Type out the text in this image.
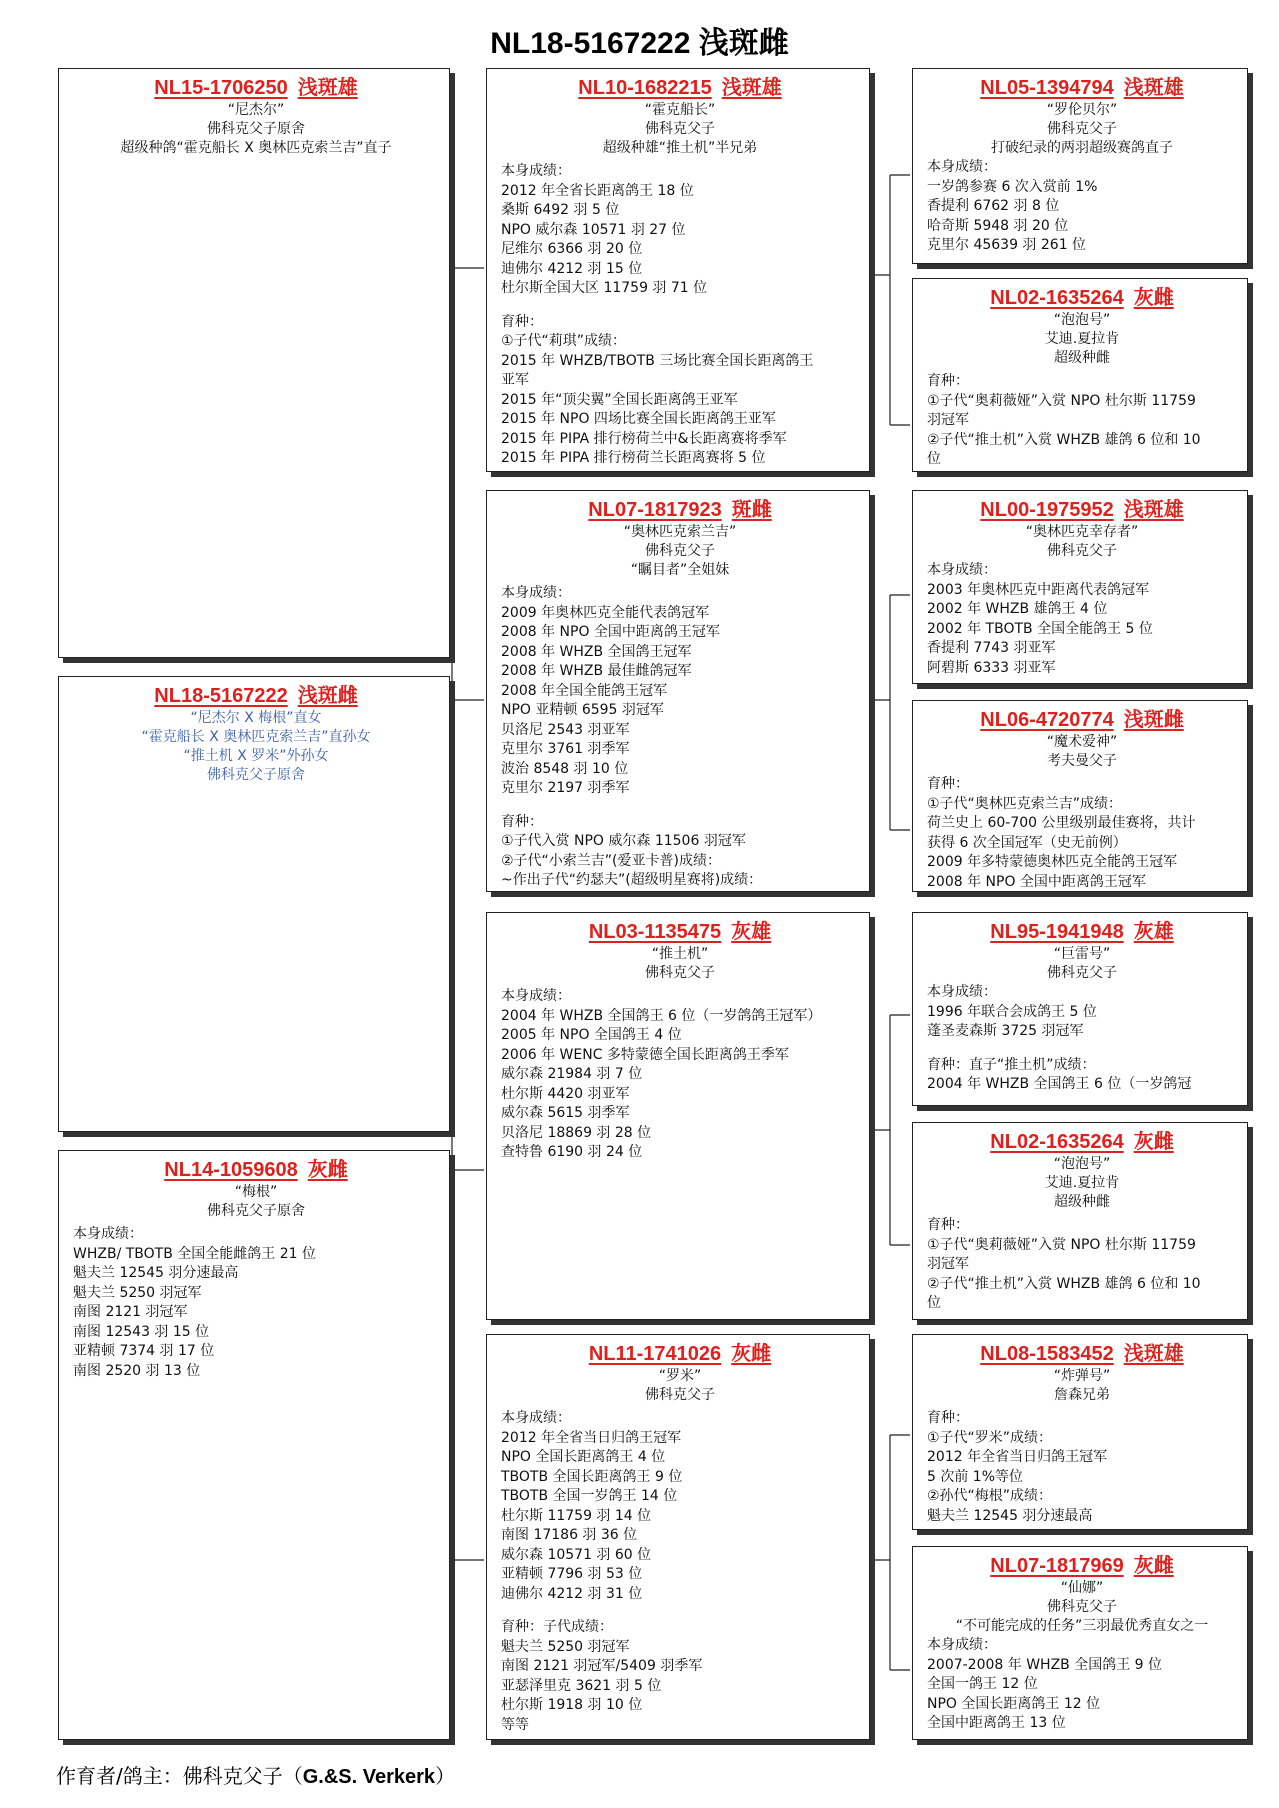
NL18-5167222 浅斑雌
NL15-1706250 浅斑雄
“尼杰尔”
佛科克父子原舍
超级种鸽“霍克船长 X 奥林匹克索兰吉”直子
NL18-5167222 浅斑雌
“尼杰尔 X 梅根”直女
“霍克船长 X 奥林匹克索兰吉”直孙女
“推土机 X 罗米”外孙女
佛科克父子原舍
NL14-1059608 灰雌
“梅根”
佛科克父子原舍
本身成绩：
WHZB/ TBOTB 全国全能雌鸽王 21 位
魁夫兰 12545 羽分速最高
魁夫兰 5250 羽冠军
南图 2121 羽冠军
南图 12543 羽 15 位
亚精顿 7374 羽 17 位
南图 2520 羽 13 位
NL10-1682215 浅斑雄
“霍克船长”
佛科克父子
超级种雄“推土机”半兄弟
本身成绩：
2012 年全省长距离鸽王 18 位
桑斯 6492 羽 5 位
NPO 威尔森 10571 羽 27 位
尼维尔 6366 羽 20 位
迪佛尔 4212 羽 15 位
杜尔斯全国大区 11759 羽 71 位
育种：
①子代“莉琪”成绩：
2015 年 WHZB/TBOTB 三场比赛全国长距离鸽王
亚军
2015 年“顶尖翼”全国长距离鸽王亚军
2015 年 NPO 四场比赛全国长距离鸽王亚军
2015 年 PIPA 排行榜荷兰中&长距离赛将季军
2015 年 PIPA 排行榜荷兰长距离赛将 5 位
NL07-1817923 斑雌
“奥林匹克索兰吉”
佛科克父子
“瞩目者”全姐妹
本身成绩：
2009 年奥林匹克全能代表鸽冠军
2008 年 NPO 全国中距离鸽王冠军
2008 年 WHZB 全国鸽王冠军
2008 年 WHZB 最佳雌鸽冠军
2008 年全国全能鸽王冠军
NPO 亚精顿 6595 羽冠军
贝洛尼 2543 羽亚军
克里尔 3761 羽季军
波治 8548 羽 10 位
克里尔 2197 羽季军
育种：
①子代入赏 NPO 威尔森 11506 羽冠军
②子代“小索兰吉”(爱亚卡普)成绩：
~作出子代“约瑟夫”(超级明星赛将)成绩：
NL03-1135475 灰雄
“推土机”
佛科克父子
本身成绩：
2004 年 WHZB 全国鸽王 6 位（一岁鸽鸽王冠军）
2005 年 NPO 全国鸽王 4 位
2006 年 WENC 多特蒙德全国长距离鸽王季军
威尔森 21984 羽 7 位
杜尔斯 4420 羽亚军
威尔森 5615 羽季军
贝洛尼 18869 羽 28 位
查特鲁 6190 羽 24 位
NL11-1741026 灰雌
“罗米”
佛科克父子
本身成绩：
2012 年全省当日归鸽王冠军
NPO 全国长距离鸽王 4 位
TBOTB 全国长距离鸽王 9 位
TBOTB 全国一岁鸽王 14 位
杜尔斯 11759 羽 14 位
南图 17186 羽 36 位
威尔森 10571 羽 60 位
亚精顿 7796 羽 53 位
迪佛尔 4212 羽 31 位
育种：子代成绩：
魁夫兰 5250 羽冠军
南图 2121 羽冠军/5409 羽季军
亚瑟泽里克 3621 羽 5 位
杜尔斯 1918 羽 10 位
等等
NL05-1394794 浅斑雄
“罗伦贝尔”
佛科克父子
打破纪录的两羽超级赛鸽直子
本身成绩：
一岁鸽参赛 6 次入赏前 1%
香提利 6762 羽 8 位
哈奇斯 5948 羽 20 位
克里尔 45639 羽 261 位
NL02-1635264 灰雌
“泡泡号”
艾迪.夏拉肯
超级种雌
育种：
①子代“奥莉薇娅”入赏 NPO 杜尔斯 11759
羽冠军
②子代“推土机”入赏 WHZB 雄鸽 6 位和 10
位
NL00-1975952 浅斑雄
“奥林匹克幸存者”
佛科克父子
本身成绩：
2003 年奥林匹克中距离代表鸽冠军
2002 年 WHZB 雄鸽王 4 位
2002 年 TBOTB 全国全能鸽王 5 位
香提利 7743 羽亚军
阿碧斯 6333 羽亚军
NL06-4720774 浅斑雌
“魔术爱神”
考夫曼父子
育种：
①子代“奥林匹克索兰吉”成绩：
荷兰史上 60-700 公里级别最佳赛将，共计
获得 6 次全国冠军（史无前例）
2009 年多特蒙德奥林匹克全能鸽王冠军
2008 年 NPO 全国中距离鸽王冠军
NL95-1941948 灰雄
“巨雷号”
佛科克父子
本身成绩：
1996 年联合会成鸽王 5 位
蓬圣麦森斯 3725 羽冠军
育种：直子“推土机”成绩：
2004 年 WHZB 全国鸽王 6 位（一岁鸽冠
NL02-1635264 灰雌
“泡泡号”
艾迪.夏拉肯
超级种雌
育种：
①子代“奥莉薇娅”入赏 NPO 杜尔斯 11759
羽冠军
②子代“推土机”入赏 WHZB 雄鸽 6 位和 10
位
NL08-1583452 浅斑雄
“炸弹号”
詹森兄弟
育种：
①子代“罗米”成绩：
2012 年全省当日归鸽王冠军
5 次前 1%等位
②孙代“梅根”成绩：
魁夫兰 12545 羽分速最高
NL07-1817969 灰雌
“仙娜”
佛科克父子
“不可能完成的任务”三羽最优秀直女之一
本身成绩：
2007-2008 年 WHZB 全国鸽王 9 位
全国一鸽王 12 位
NPO 全国长距离鸽王 12 位
全国中距离鸽王 13 位
作育者/鸽主：佛科克父子（G.&S. Verkerk）
